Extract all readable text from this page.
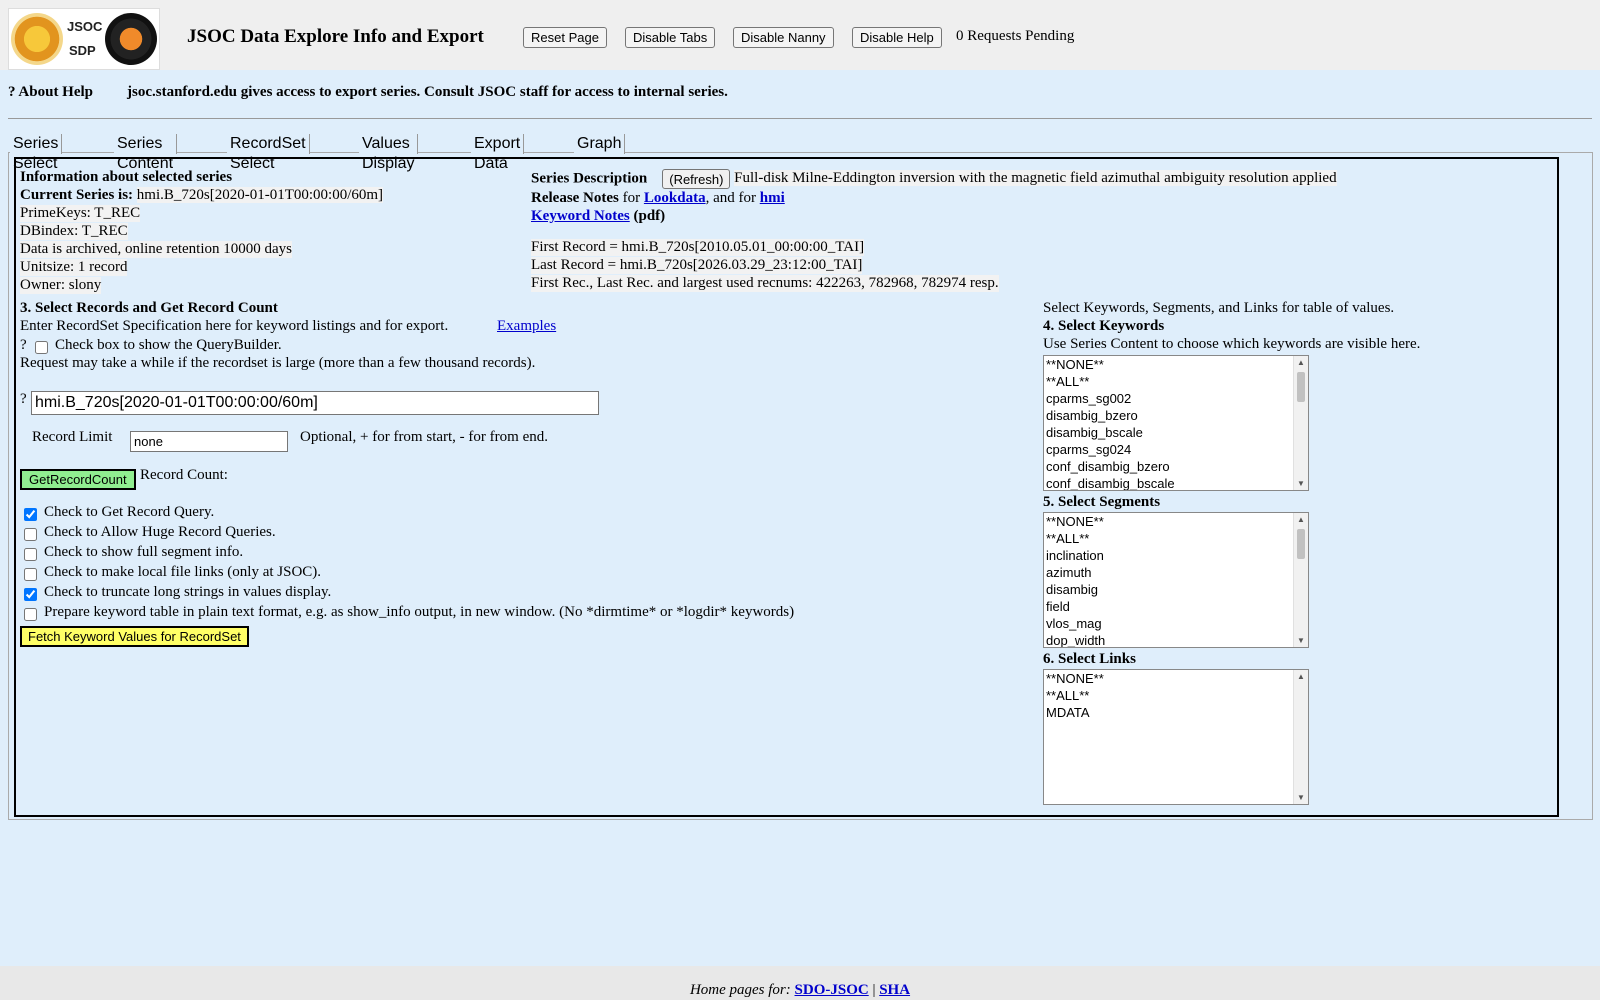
JSOC
SDP
JSOC Data Explore Info and Export	Reset Page	Disable Tabs	Disable Nanny	Disable Help	0 Requests Pending
? About Help jsoc.stanford.edu gives access to export series. Consult JSOC staff for access to internal series.
Series Select
Series Content
RecordSet Select
Values Display
Export Data
Graph
Information about selected series
Current Series is: hmi.B_720s[2020-01-01T00:00:00/60m]
PrimeKeys: T_REC
DBindex: T_REC
Data is archived, online retention 10000 days
Unitsize: 1 record
Owner: slony
Series Description (Refresh) Full-disk Milne-Eddington inversion with the magnetic field azimuthal ambiguity resolution applied
Release Notes for Lookdata, and for hmi
Keyword Notes (pdf)
First Record = hmi.B_720s[2010.05.01_00:00:00_TAI]
Last Record = hmi.B_720s[2026.03.29_23:12:00_TAI]
First Rec., Last Rec. and largest used recnums: 422263, 782968, 782974 resp.
3. Select Records and Get Record Count
Enter RecordSet Specification here for keyword listings and for export.	Examples
? Check box to show the QueryBuilder.
Request may take a while if the recordset is large (more than a few thousand records).
?
hmi.B_720s[2020-01-01T00:00:00/60m]
Record Limit
none	Optional, + for from start, - for from end.
GetRecordCount Record Count:
Check to Get Record Query.
Check to Allow Huge Record Queries.
Check to show full segment info.
Check to make local file links (only at JSOC).
Check to truncate long strings in values display.
Prepare keyword table in plain text format, e.g. as show_info output, in new window. (No *dirmtime* or *logdir* keywords)
Fetch Keyword Values for RecordSet
Select Keywords, Segments, and Links for table of values.
4. Select Keywords
Use Series Content to choose which keywords are visible here.
**NONE**
**ALL**
cparms_sg002
disambig_bzero
disambig_bscale
cparms_sg024
conf_disambig_bzero
conf_disambig_bscale
▲
▼
5. Select Segments
**NONE**
**ALL**
inclination
azimuth
disambig
field
vlos_mag
dop_width
▲
▼
6. Select Links
**NONE**
**ALL**
MDATA
▲
▼
Home pages for: SDO-JSOC | SHA
